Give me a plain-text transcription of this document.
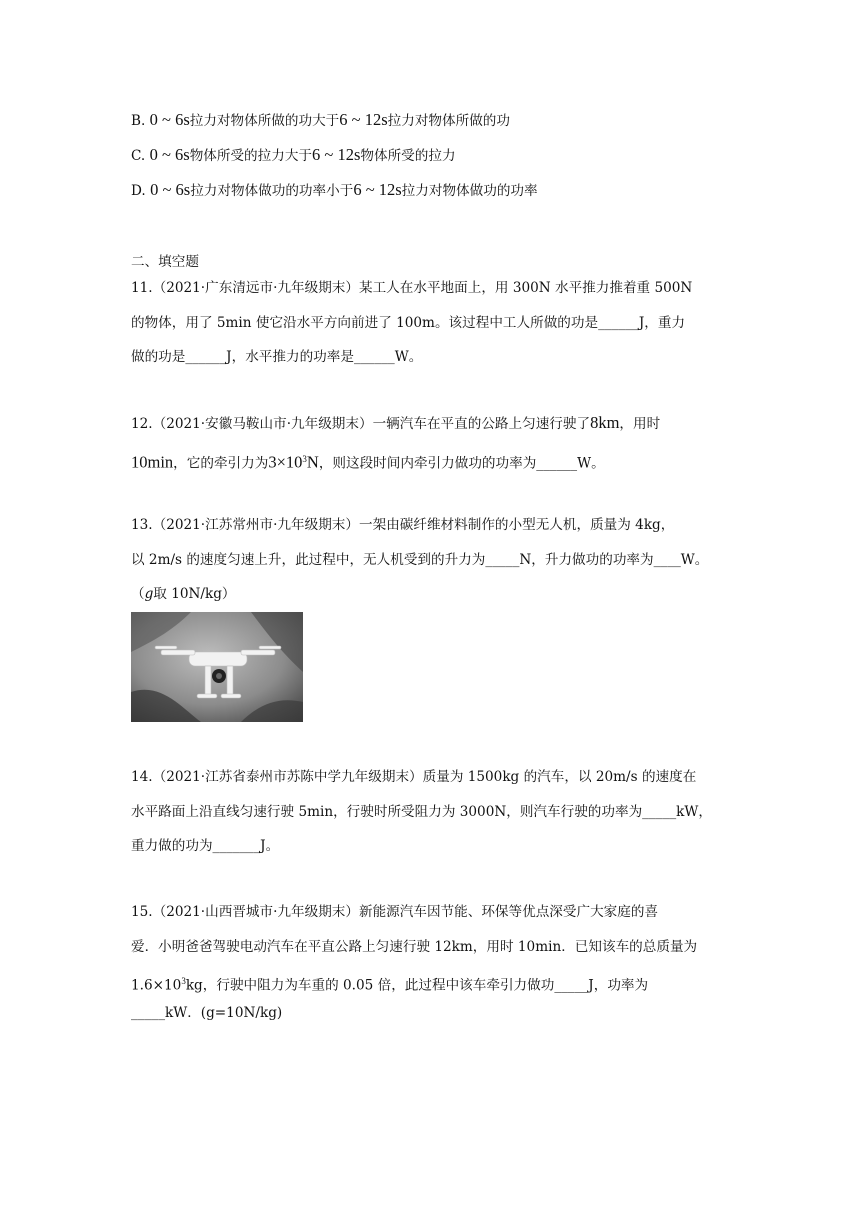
B. 0 ~ 6s拉力对物体所做的功大于6 ~ 12s拉力对物体所做的功
C. 0 ~ 6s物体所受的拉力大于6 ~ 12s物体所受的拉力
D. 0 ~ 6s拉力对物体做功的功率小于6 ~ 12s拉力对物体做功的功率
二、填空题
11.（2021·广东清远市·九年级期末）某工人在水平地面上，用 300N 水平推力推着重 500N
的物体，用了 5min 使它沿水平方向前进了 100m。该过程中工人所做的功是______J，重力
做的功是______J，水平推力的功率是______W。
12.（2021·安徽马鞍山市·九年级期末）一辆汽车在平直的公路上匀速行驶了8km，用时
10min，它的牵引力为$3\times 10^3N$，则这段时间内牵引力做功的功率为______W。
13.（2021·江苏常州市·九年级期末）一架由碳纤维材料制作的小型无人机，质量为 4kg，
以 2m/s 的速度匀速上升，此过程中，无人机受到的升力为_____N，升力做功的功率为____W。
（g取 10N/kg）
14.（2021·江苏省泰州市苏陈中学九年级期末）质量为 1500kg 的汽车，以 20m/s 的速度在
水平路面上沿直线匀速行驶 5min，行驶时所受阻力为 3000N，则汽车行驶的功率为_____kW，
重力做的功为_______J。
15.（2021·山西晋城市·九年级期末）新能源汽车因节能、环保等优点深受广大家庭的喜
爱．小明爸爸驾驶电动汽车在平直公路上匀速行驶 12km，用时 10min．已知该车的总质量为
$1.6\times 10^3kg$，行驶中阻力为车重的 0.05 倍，此过程中该车牵引力做功_____J，功率为
_____kW．(g=10N/kg)
